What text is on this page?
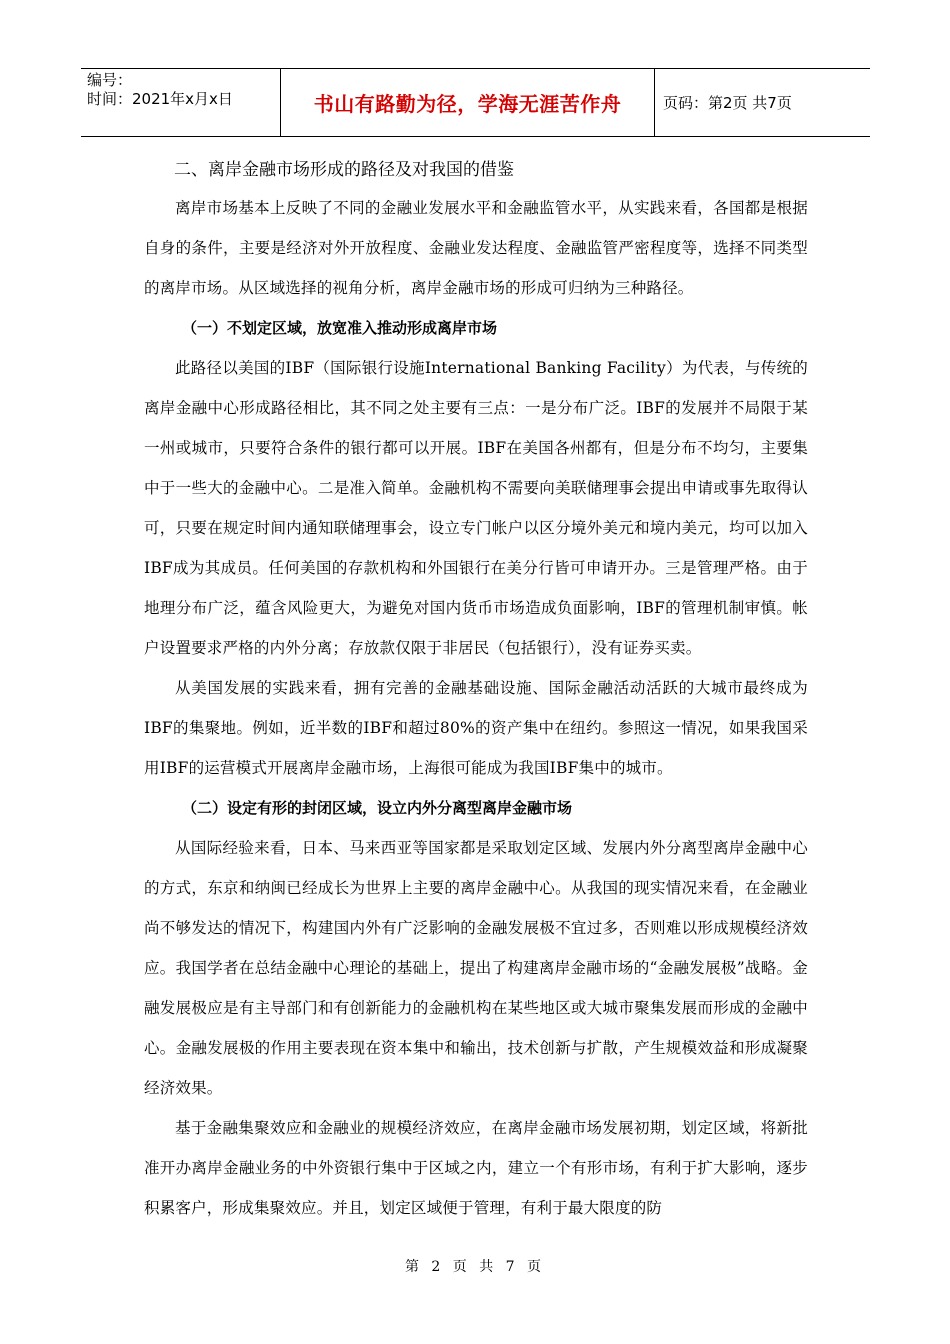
编号：
时间：2021年x月x日	书山有路勤为径，学海无涯苦作舟	页码：第2页 共7页
二、离岸金融市场形成的路径及对我国的借鉴

离岸市场基本上反映了不同的金融业发展水平和金融监管水平，从实践来看，各国都是根据自身的条件，主要是经济对外开放程度、金融业发达程度、金融监管严密程度等，选择不同类型的离岸市场。从区域选择的视角分析，离岸金融市场的形成可归纳为三种路径。

（一）不划定区域，放宽准入推动形成离岸市场

此路径以美国的IBF（国际银行设施International Banking Facility）为代表，与传统的离岸金融中心形成路径相比，其不同之处主要有三点：一是分布广泛。IBF的发展并不局限于某一州或城市，只要符合条件的银行都可以开展。IBF在美国各州都有，但是分布不均匀，主要集中于一些大的金融中心。二是准入简单。金融机构不需要向美联储理事会提出申请或事先取得认可，只要在规定时间内通知联储理事会，设立专门帐户以区分境外美元和境内美元，均可以加入IBF成为其成员。任何美国的存款机构和外国银行在美分行皆可申请开办。三是管理严格。由于地理分布广泛，蕴含风险更大，为避免对国内货币市场造成负面影响，IBF的管理机制审慎。帐户设置要求严格的内外分离；存放款仅限于非居民（包括银行），没有证券买卖。

从美国发展的实践来看，拥有完善的金融基础设施、国际金融活动活跃的大城市最终成为IBF的集聚地。例如，近半数的IBF和超过80%的资产集中在纽约。参照这一情况，如果我国采用IBF的运营模式开展离岸金融市场，上海很可能成为我国IBF集中的城市。

（二）设定有形的封闭区域，设立内外分离型离岸金融市场

从国际经验来看，日本、马来西亚等国家都是采取划定区域、发展内外分离型离岸金融中心的方式，东京和纳闽已经成长为世界上主要的离岸金融中心。从我国的现实情况来看，在金融业尚不够发达的情况下，构建国内外有广泛影响的金融发展极不宜过多，否则难以形成规模经济效应。我国学者在总结金融中心理论的基础上，提出了构建离岸金融市场的“金融发展极”战略。金融发展极应是有主导部门和有创新能力的金融机构在某些地区或大城市聚集发展而形成的金融中心。金融发展极的作用主要表现在资本集中和输出，技术创新与扩散，产生规模效益和形成凝聚经济效果。

基于金融集聚效应和金融业的规模经济效应，在离岸金融市场发展初期，划定区域，将新批准开办离岸金融业务的中外资银行集中于区域之内，建立一个有形市场，有利于扩大影响，逐步积累客户，形成集聚效应。并且，划定区域便于管理，有利于最大限度的防

第 2 页 共 7 页
